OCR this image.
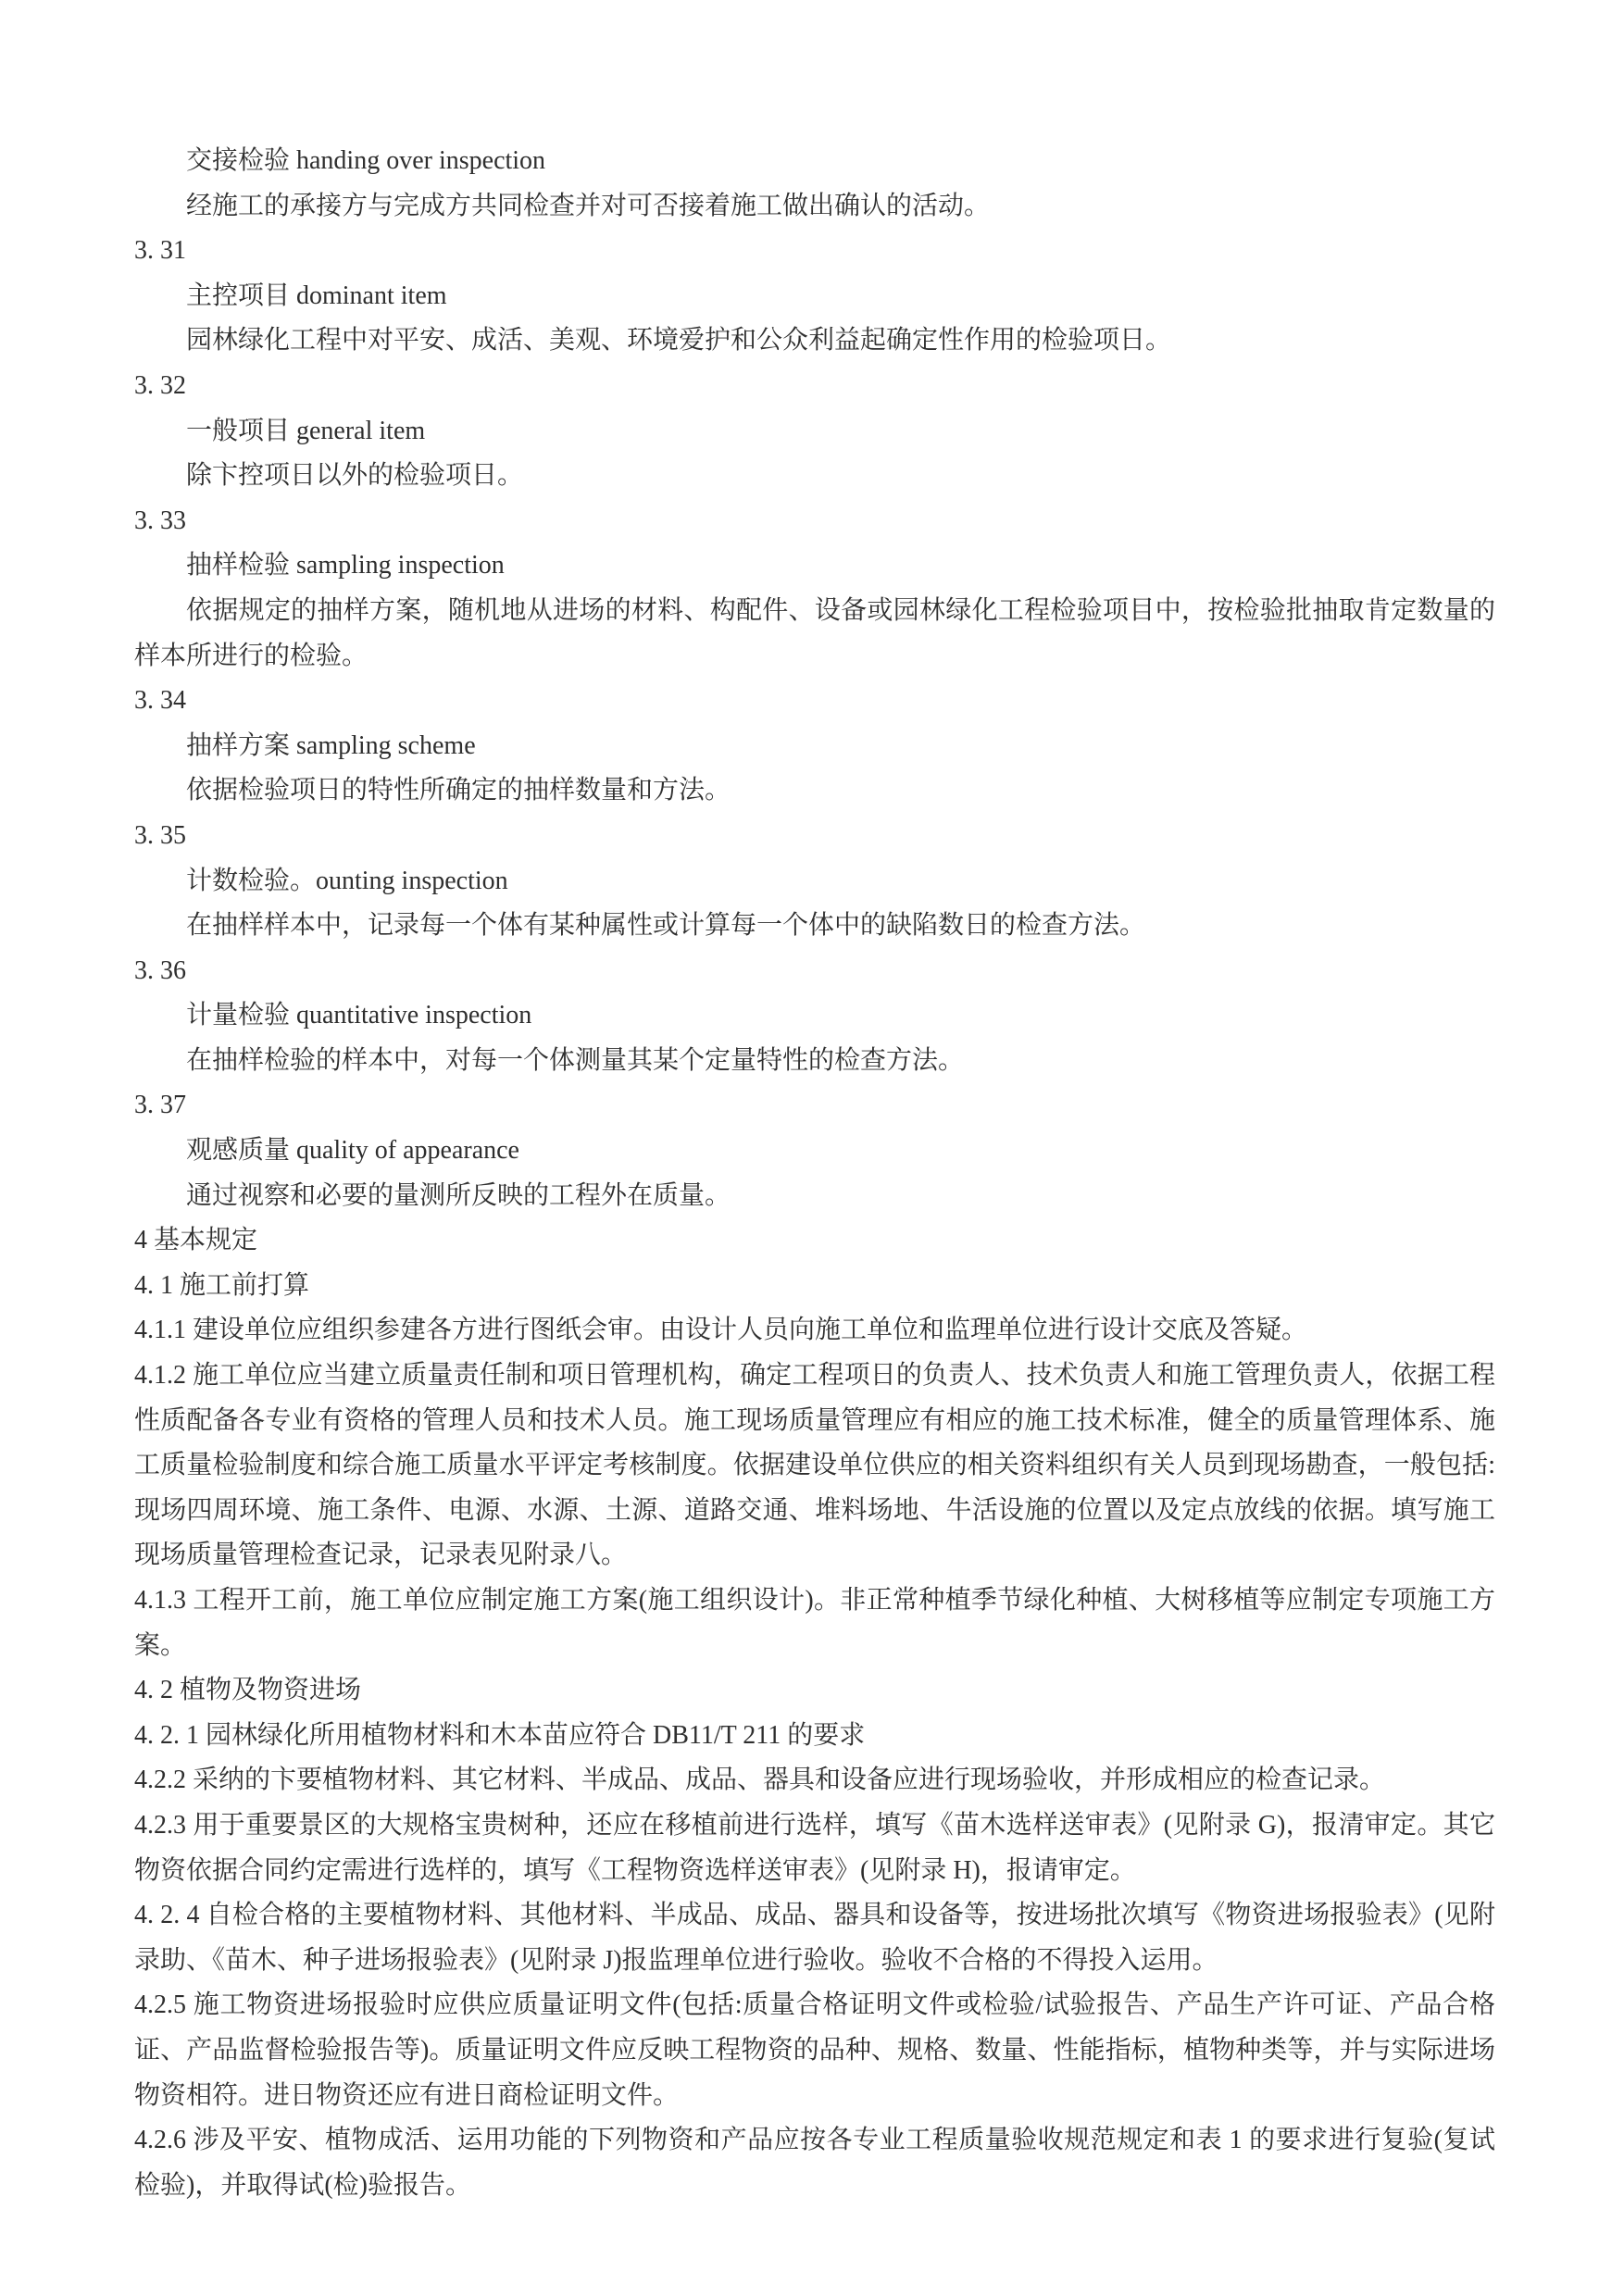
交接检验 handing over inspection
经施工的承接方与完成方共同检查并对可否接着施工做出确认的活动。
3. 31
主控项目 dominant item
园林绿化工程中对平安、成活、美观、环境爱护和公众利益起确定性作用的检验项日。
3. 32
一般项目 general item
除卞控项日以外的检验项日。
3. 33
抽样检验 sampling inspection
依据规定的抽样方案，随机地从进场的材料、构配件、设备或园林绿化工程检验项目中，按检验批抽取肯定数量的样本所进行的检验。
3. 34
抽样方案 sampling scheme
依据检验项日的特性所确定的抽样数量和方法。
3. 35
计数检验。ounting inspection
在抽样样本中，记录每一个体有某种属性或计算每一个体中的缺陷数日的检查方法。
3. 36
计量检验 quantitative inspection
在抽样检验的样本中，对每一个体测量其某个定量特性的检查方法。
3. 37
观感质量 quality of appearance
通过视察和必要的量测所反映的工程外在质量。
4 基本规定
4. 1 施工前打算
4.1.1 建设单位应组织参建各方进行图纸会审。由设计人员向施工单位和监理单位进行设计交底及答疑。
4.1.2 施工单位应当建立质量责任制和项日管理机构，确定工程项日的负责人、技术负责人和施工管理负责人，依据工程性质配备各专业有资格的管理人员和技术人员。施工现场质量管理应有相应的施工技术标准，健全的质量管理体系、施工质量检验制度和综合施工质量水平评定考核制度。依据建设单位供应的相关资料组织有关人员到现场勘查，一般包括:现场四周环境、施工条件、电源、水源、土源、道路交通、堆料场地、牛活设施的位置以及定点放线的依据。填写施工现场质量管理检查记录，记录表见附录八。
4.1.3 工程开工前，施工单位应制定施工方案(施工组织设计)。非正常种植季节绿化种植、大树移植等应制定专项施工方案。
4. 2 植物及物资进场
4. 2. 1 园林绿化所用植物材料和木本苗应符合 DB11/T 211 的要求
4.2.2 采纳的卞要植物材料、其它材料、半成品、成品、器具和设备应进行现场验收，并形成相应的检查记录。
4.2.3 用于重要景区的大规格宝贵树种，还应在移植前进行选样，填写《苗木选样送审表》(见附录 G)，报清审定。其它物资依据合同约定需进行选样的，填写《工程物资选样送审表》(见附录 H)，报请审定。
4. 2. 4 自检合格的主要植物材料、其他材料、半成品、成品、器具和设备等，按进场批次填写《物资进场报验表》(见附录助、《苗木、种子进场报验表》(见附录 J)报监理单位进行验收。验收不合格的不得投入运用。
4.2.5 施工物资进场报验时应供应质量证明文件(包括:质量合格证明文件或检验/试验报告、产品生产许可证、产品合格证、产品监督检验报告等)。质量证明文件应反映工程物资的品种、规格、数量、性能指标，植物种类等，并与实际进场物资相符。进日物资还应有进日商检证明文件。
4.2.6 涉及平安、植物成活、运用功能的下列物资和产品应按各专业工程质量验收规范规定和表 1 的要求进行复验(复试检验)，并取得试(检)验报告。
